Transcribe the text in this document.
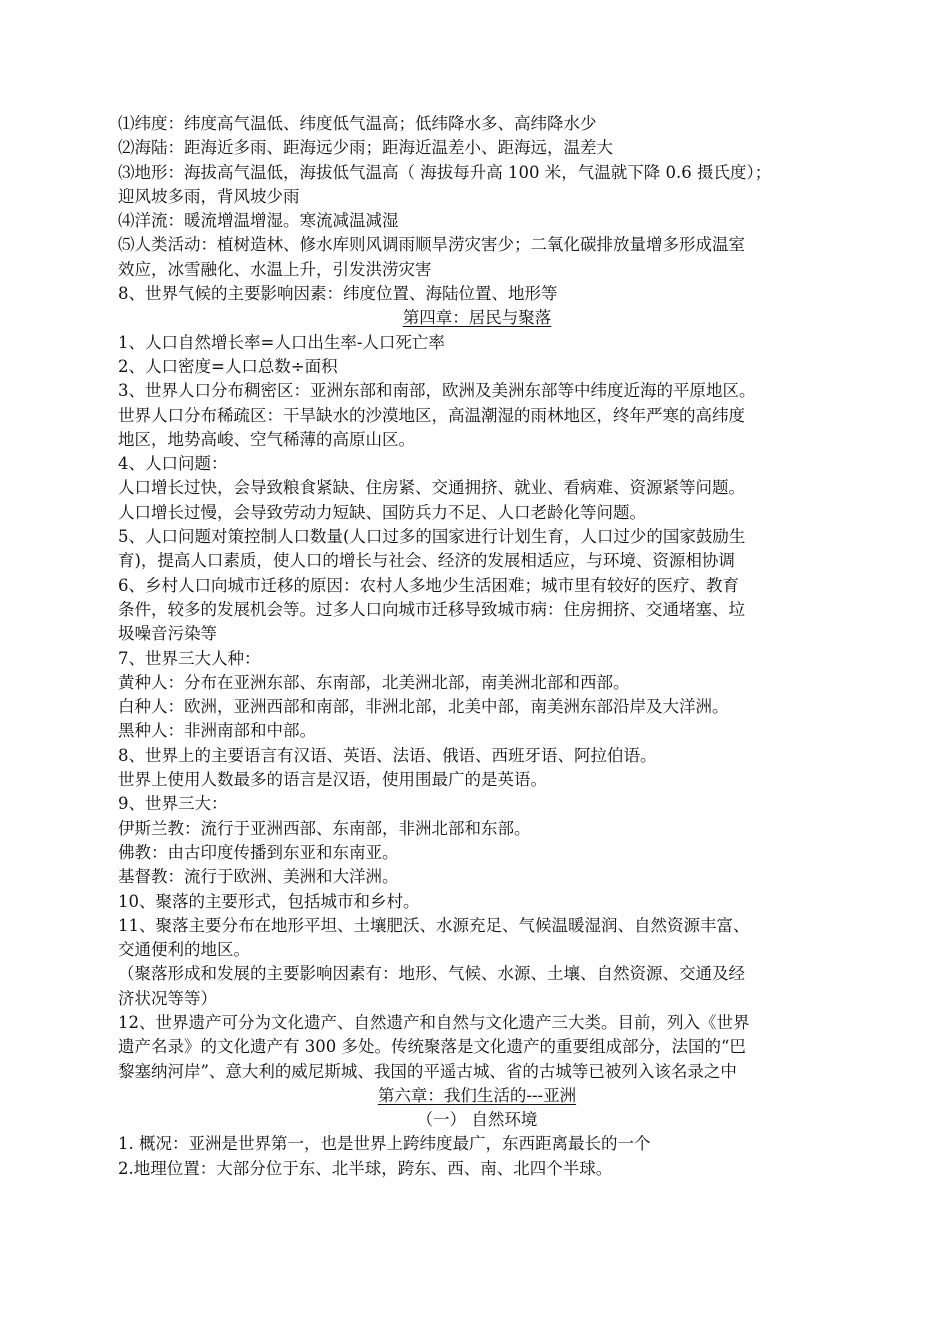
⑴纬度：纬度高气温低、纬度低气温高；低纬降水多、高纬降水少
⑵海陆：距海近多雨、距海远少雨；距海近温差小、距海远，温差大
⑶地形：海拔高气温低，海拔低气温高（ 海拔每升高 100 米，气温就下降 0.6 摄氏度）；
迎风坡多雨，背风坡少雨
⑷洋流：暖流增温增湿。寒流减温减湿
⑸人类活动：植树造林、修水库则风调雨顺旱涝灾害少；二氧化碳排放量增多形成温室
效应，冰雪融化、水温上升，引发洪涝灾害
8、世界气候的主要影响因素：纬度位置、海陆位置、地形等
第四章：居民与聚落
1、人口自然增长率=人口出生率-人口死亡率
2、人口密度=人口总数÷面积
3、世界人口分布稠密区：亚洲东部和南部，欧洲及美洲东部等中纬度近海的平原地区。
世界人口分布稀疏区：干旱缺水的沙漠地区，高温潮湿的雨林地区，终年严寒的高纬度
地区，地势高峻、空气稀薄的高原山区。
4、人口问题：
人口增长过快，会导致粮食紧缺、住房紧、交通拥挤、就业、看病难、资源紧等问题。
人口增长过慢，会导致劳动力短缺、国防兵力不足、人口老龄化等问题。
5、人口问题对策控制人口数量(人口过多的国家进行计划生育，人口过少的国家鼓励生
育)，提高人口素质，使人口的增长与社会、经济的发展相适应，与环境、资源相协调
6、乡村人口向城市迁移的原因：农村人多地少生活困难；城市里有较好的医疗、教育
条件，较多的发展机会等。过多人口向城市迁移导致城市病：住房拥挤、交通堵塞、垃
圾噪音污染等
7、世界三大人种：
黄种人：分布在亚洲东部、东南部，北美洲北部，南美洲北部和西部。
白种人：欧洲，亚洲西部和南部，非洲北部，北美中部，南美洲东部沿岸及大洋洲。
黑种人：非洲南部和中部。
8、世界上的主要语言有汉语、英语、法语、俄语、西班牙语、阿拉伯语。
世界上使用人数最多的语言是汉语，使用围最广的是英语。
9、世界三大：
伊斯兰教：流行于亚洲西部、东南部，非洲北部和东部。
佛教：由古印度传播到东亚和东南亚。
基督教：流行于欧洲、美洲和大洋洲。
10、聚落的主要形式，包括城市和乡村。
11、聚落主要分布在地形平坦、土壤肥沃、水源充足、气候温暖湿润、自然资源丰富、
交通便利的地区。
（聚落形成和发展的主要影响因素有：地形、气候、水源、土壤、自然资源、交通及经
济状况等等）
12、世界遗产可分为文化遗产、自然遗产和自然与文化遗产三大类。目前，列入《世界
遗产名录》的文化遗产有 300 多处。传统聚落是文化遗产的重要组成部分，法国的“巴
黎塞纳河岸”、意大利的威尼斯城、我国的平遥古城、省的古城等已被列入该名录之中
第六章：我们生活的---亚洲
（一） 自然环境
1. 概况：亚洲是世界第一，也是世界上跨纬度最广，东西距离最长的一个
2.地理位置：大部分位于东、北半球，跨东、西、南、北四个半球。
